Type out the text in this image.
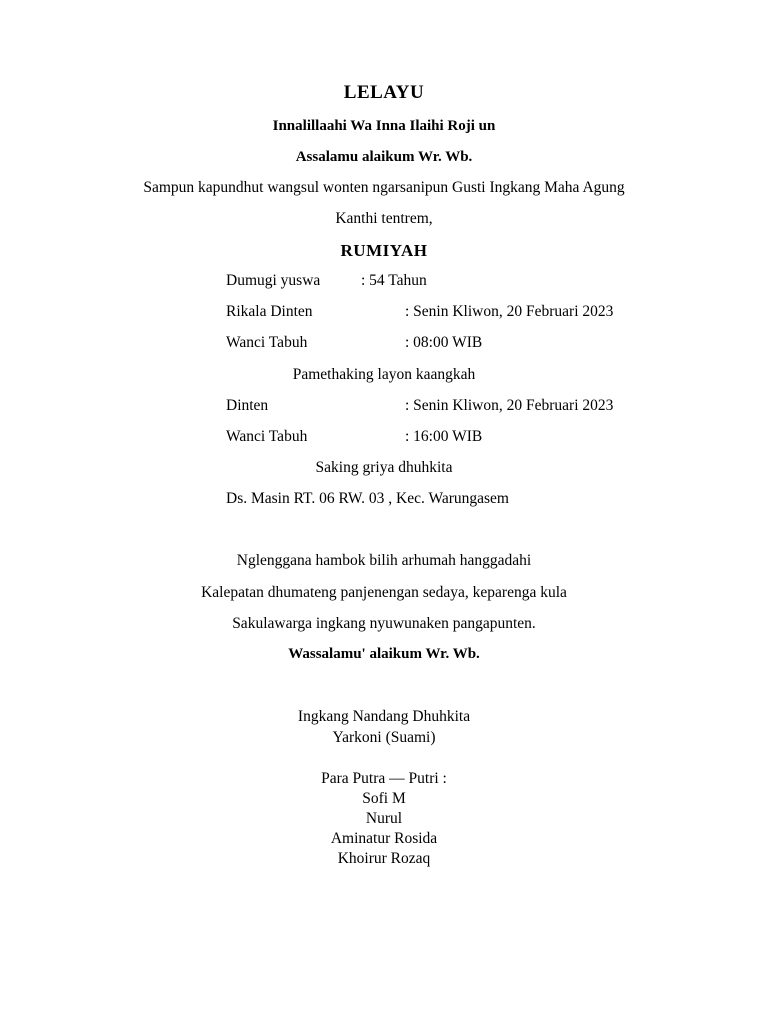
LELAYU
Innalillaahi Wa Inna Ilaihi Roji un
Assalamu alaikum Wr. Wb.
Sampun kapundhut wangsul wonten ngarsanipun Gusti Ingkang Maha Agung
Kanthi tentrem,
RUMIYAH
Dumugi yuswa	: 54 Tahun
Rikala Dinten	: Senin Kliwon, 20 Februari 2023
Wanci Tabuh	: 08:00 WIB
Pamethaking layon kaangkah
Dinten	: Senin Kliwon, 20 Februari 2023
Wanci Tabuh	: 16:00 WIB
Saking griya dhuhkita
Ds. Masin RT. 06 RW. 03 , Kec. Warungasem
Nglenggana hambok bilih arhumah hanggadahi
Kalepatan dhumateng panjenengan sedaya, keparenga kula
Sakulawarga ingkang nyuwunaken pangapunten.
Wassalamu' alaikum Wr. Wb.
Ingkang Nandang Dhuhkita
Yarkoni (Suami)
Para Putra — Putri :
Sofi M
Nurul
Aminatur Rosida
Khoirur Rozaq
